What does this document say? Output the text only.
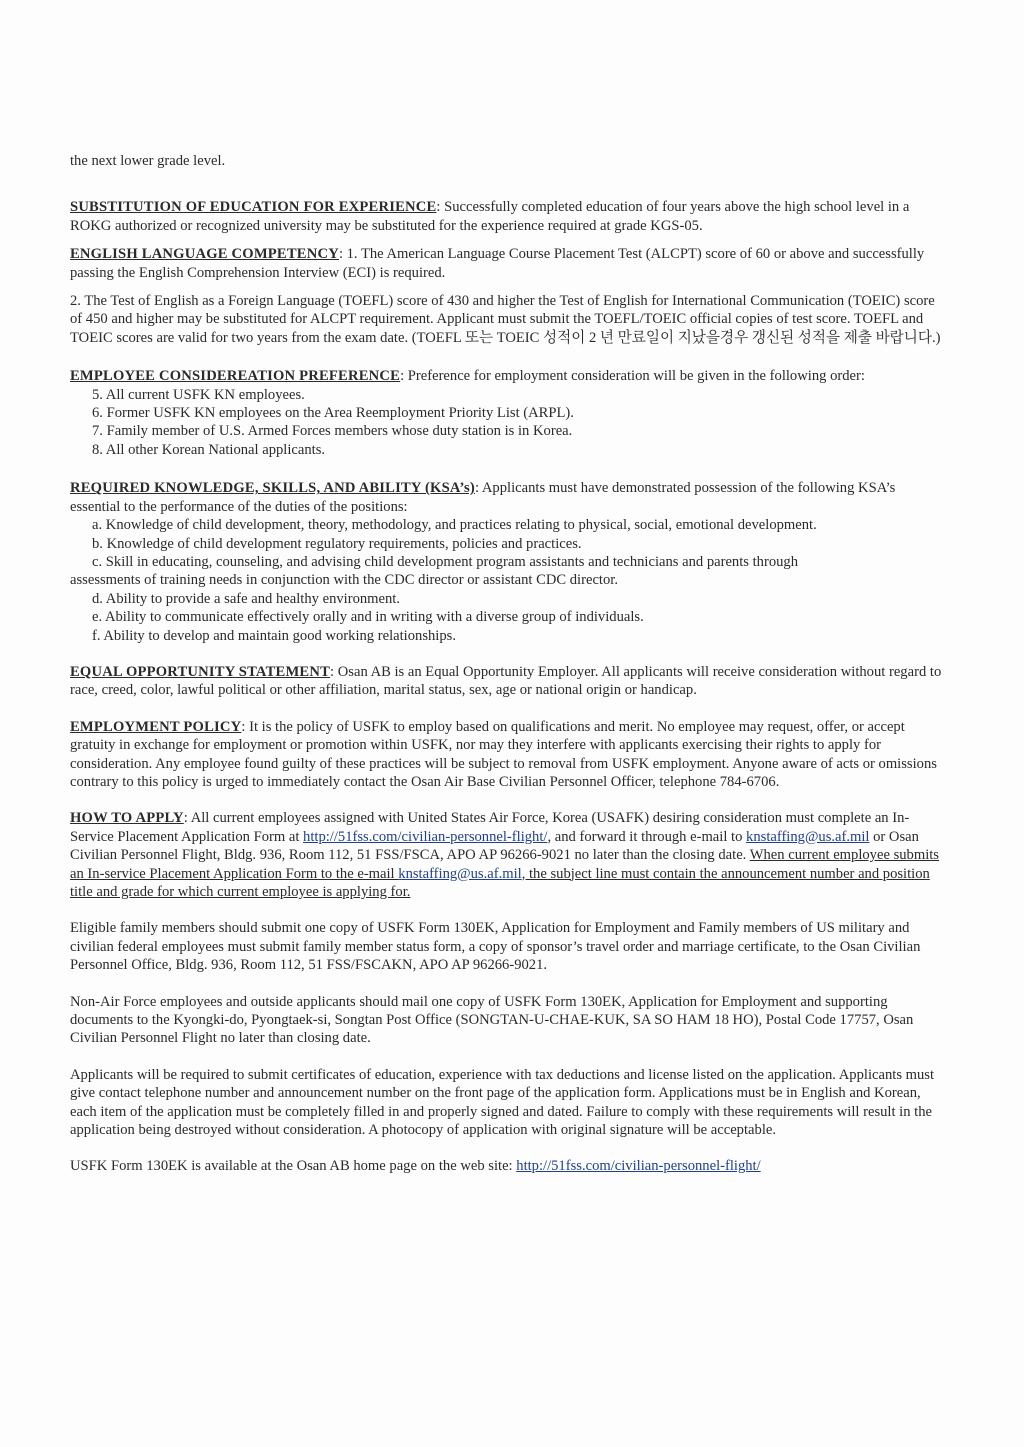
the next lower grade level.

SUBSTITUTION OF EDUCATION FOR EXPERIENCE: Successfully completed education of four years above the high school level in a ROKG authorized or recognized university may be substituted for the experience required at grade KGS-05.

ENGLISH LANGUAGE COMPETENCY: 1. The American Language Course Placement Test (ALCPT) score of 60 or above and successfully passing the English Comprehension Interview (ECI) is required.

2. The Test of English as a Foreign Language (TOEFL) score of 430 and higher the Test of English for International Communication (TOEIC) score of 450 and higher may be substituted for ALCPT requirement. Applicant must submit the TOEFL/TOEIC official copies of test score. TOEFL and TOEIC scores are valid for two years from the exam date. (TOEFL 또는 TOEIC 성적이 2 년 만료일이 지났을경우 갱신된 성적을 제출 바랍니다.)

EMPLOYEE CONSIDEREATION PREFERENCE: Preference for employment consideration will be given in the following order:

5. All current USFK KN employees.
6. Former USFK KN employees on the Area Reemployment Priority List (ARPL).
7. Family member of U.S. Armed Forces members whose duty station is in Korea.
8. All other Korean National applicants.

REQUIRED KNOWLEDGE, SKILLS, AND ABILITY (KSA’s): Applicants must have demonstrated possession of the following KSA’s essential to the performance of the duties of the positions:

a. Knowledge of child development, theory, methodology, and practices relating to physical, social, emotional development.
b. Knowledge of child development regulatory requirements, policies and practices.
c. Skill in educating, counseling, and advising child development program assistants and technicians and parents through
assessments of training needs in conjunction with the CDC director or assistant CDC director.
d. Ability to provide a safe and healthy environment.
e. Ability to communicate effectively orally and in writing with a diverse group of individuals.
f. Ability to develop and maintain good working relationships.

EQUAL OPPORTUNITY STATEMENT: Osan AB is an Equal Opportunity Employer. All applicants will receive consideration without regard to race, creed, color, lawful political or other affiliation, marital status, sex, age or national origin or handicap.

EMPLOYMENT POLICY: It is the policy of USFK to employ based on qualifications and merit. No employee may request, offer, or accept gratuity in exchange for employment or promotion within USFK, nor may they interfere with applicants exercising their rights to apply for consideration. Any employee found guilty of these practices will be subject to removal from USFK employment. Anyone aware of acts or omissions contrary to this policy is urged to immediately contact the Osan Air Base Civilian Personnel Officer, telephone 784-6706.

HOW TO APPLY: All current employees assigned with United States Air Force, Korea (USAFK) desiring consideration must complete an In-Service Placement Application Form at http://51fss.com/civilian-personnel-flight/, and forward it through e-mail to knstaffing@us.af.mil or Osan Civilian Personnel Flight, Bldg. 936, Room 112, 51 FSS/FSCA, APO AP 96266-9021 no later than the closing date. When current employee submits an In-service Placement Application Form to the e-mail knstaffing@us.af.mil, the subject line must contain the announcement number and position title and grade for which current employee is applying for.

Eligible family members should submit one copy of USFK Form 130EK, Application for Employment and Family members of US military and civilian federal employees must submit family member status form, a copy of sponsor’s travel order and marriage certificate, to the Osan Civilian Personnel Office, Bldg. 936, Room 112, 51 FSS/FSCAKN, APO AP 96266-9021.

Non-Air Force employees and outside applicants should mail one copy of USFK Form 130EK, Application for Employment and supporting documents to the Kyongki-do, Pyongtaek-si, Songtan Post Office (SONGTAN-U-CHAE-KUK, SA SO HAM 18 HO), Postal Code 17757, Osan Civilian Personnel Flight no later than closing date.

Applicants will be required to submit certificates of education, experience with tax deductions and license listed on the application. Applicants must give contact telephone number and announcement number on the front page of the application form. Applications must be in English and Korean, each item of the application must be completely filled in and properly signed and dated. Failure to comply with these requirements will result in the application being destroyed without consideration. A photocopy of application with original signature will be acceptable.

USFK Form 130EK is available at the Osan AB home page on the web site: http://51fss.com/civilian-personnel-flight/
